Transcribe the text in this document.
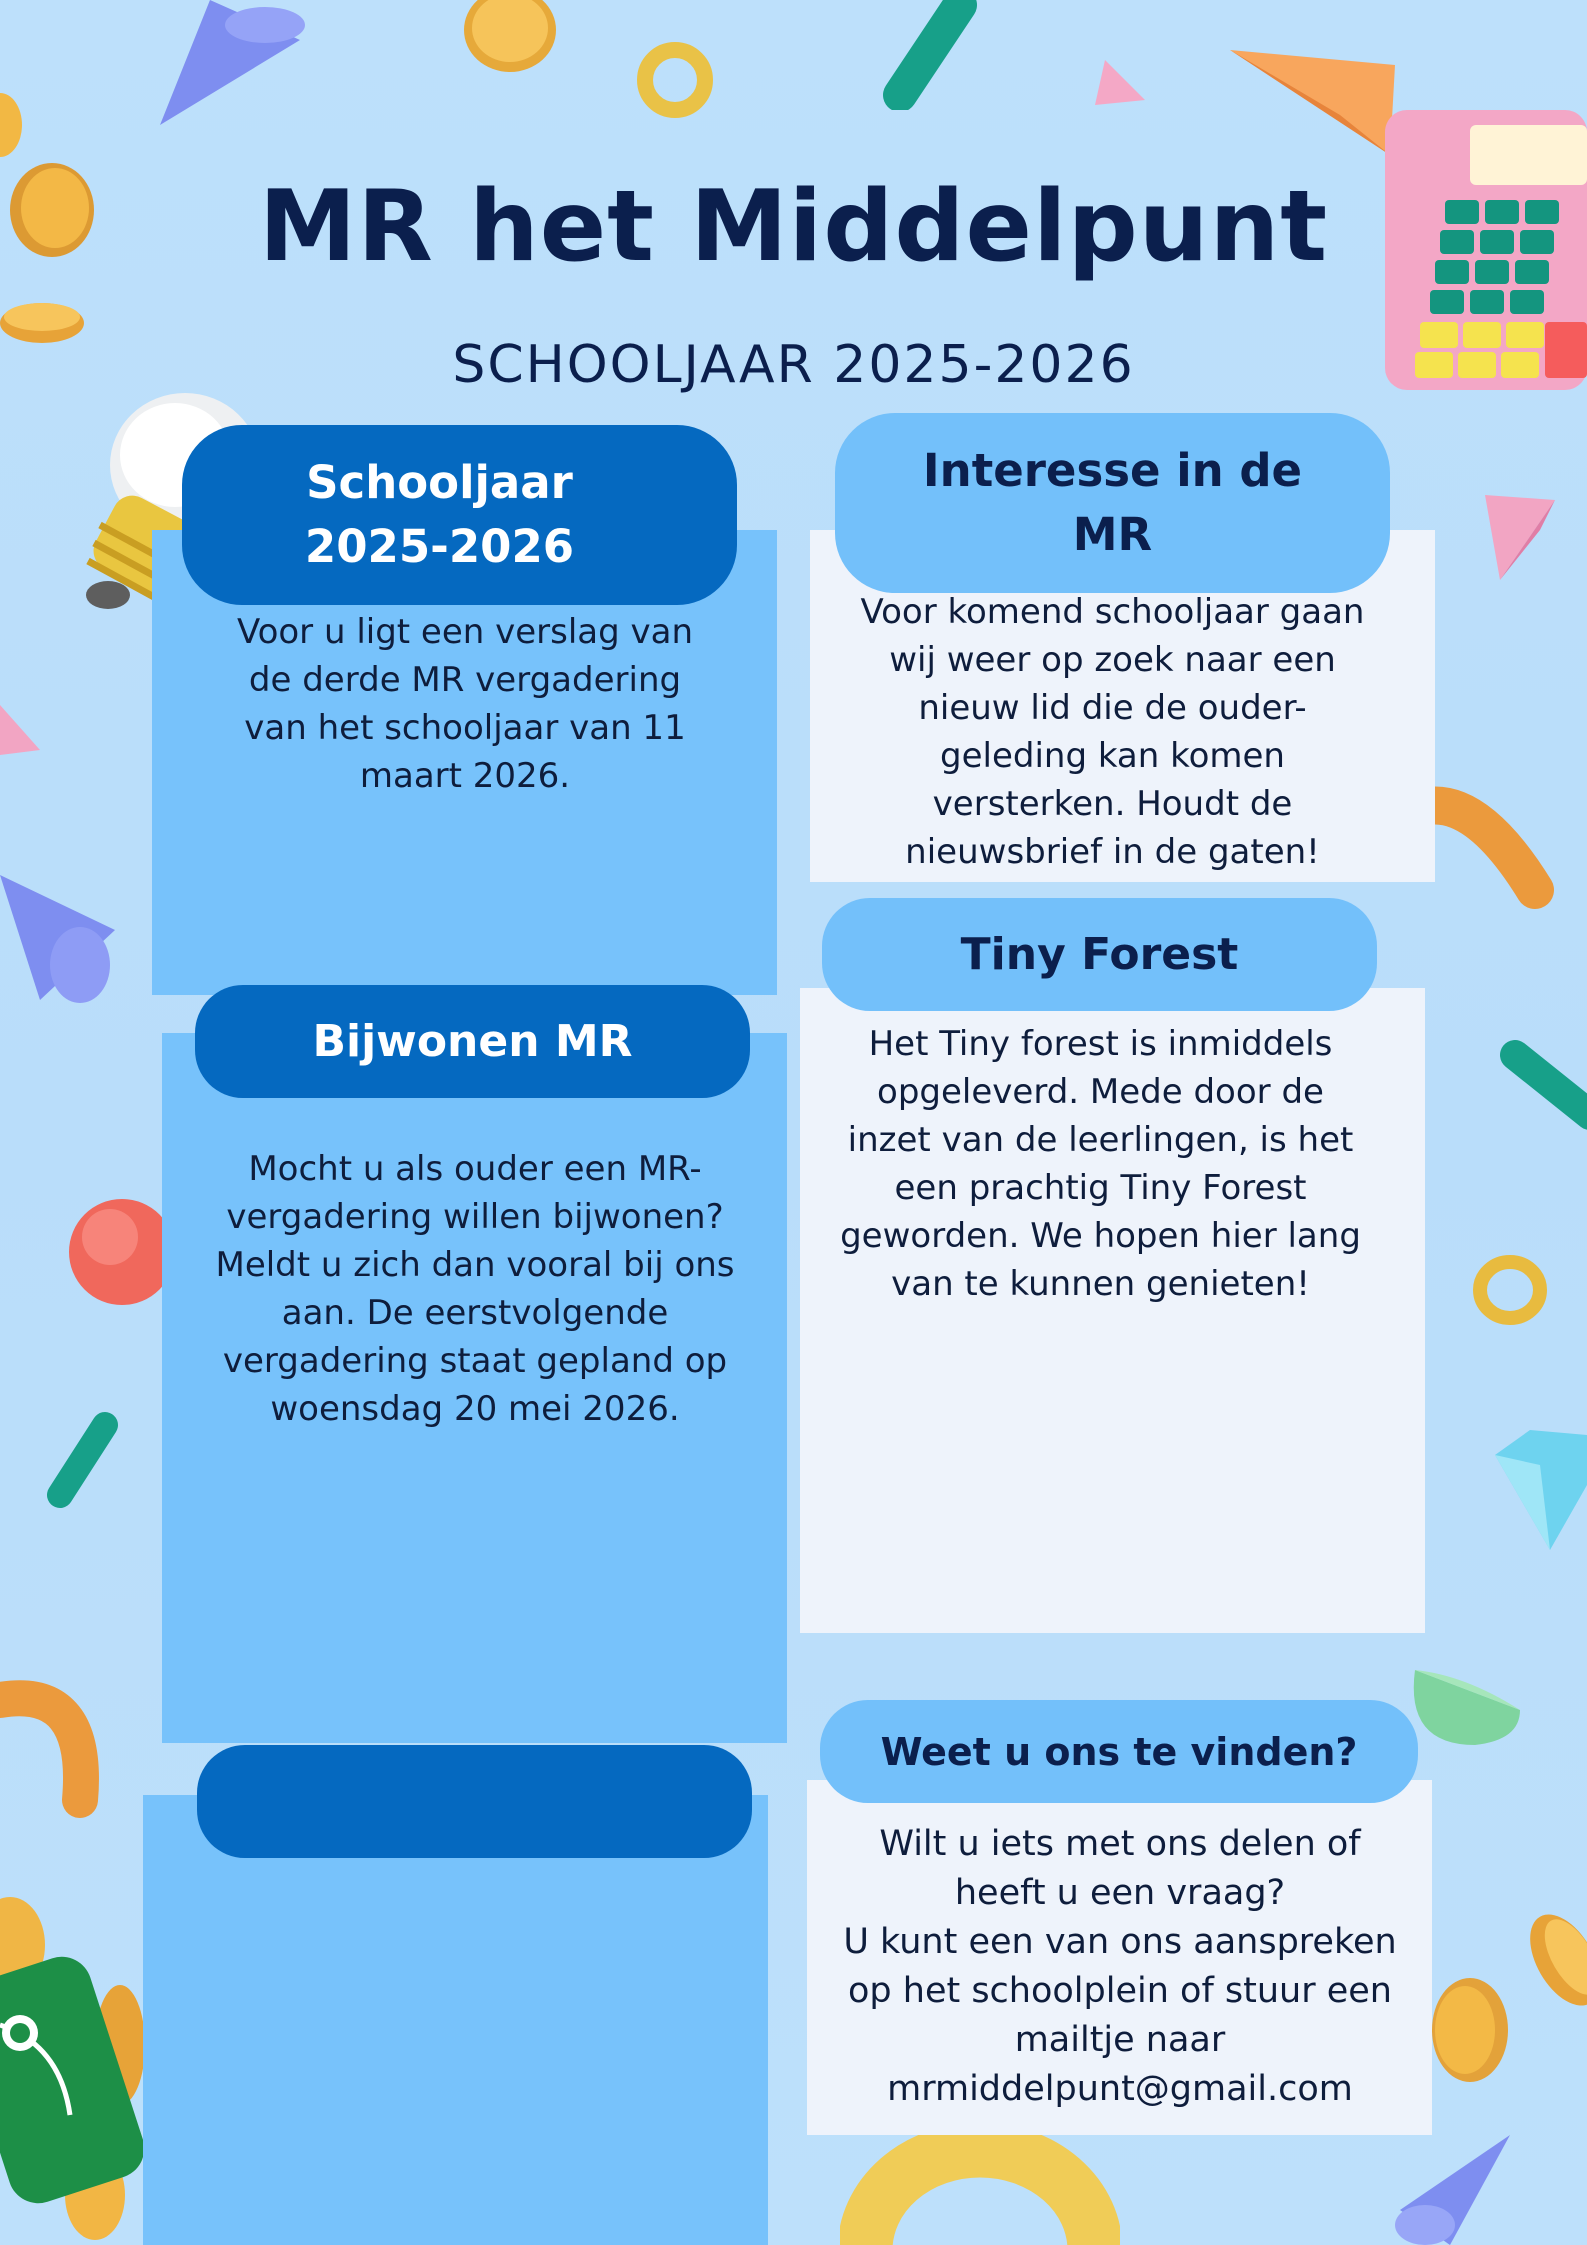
MR het Middelpunt
SCHOOLJAAR 2025-2026
Schooljaar 2025-2026
Voor u ligt een verslag van de derde MR vergadering van het schooljaar van 11 maart 2026.
Interesse in de MR
Voor komend schooljaar gaan wij weer op zoek naar een nieuw lid die de ouder-geleding kan komen versterken. Houdt de nieuwsbrief in de gaten!
Tiny Forest
Het Tiny forest is inmiddels opgeleverd. Mede door de inzet van de leerlingen, is het een prachtig Tiny Forest geworden. We hopen hier lang van te kunnen genieten!
Bijwonen MR
Mocht u als ouder een MR-vergadering willen bijwonen? Meldt u zich dan vooral bij ons aan. De eerstvolgende vergadering staat gepland op woensdag 20 mei 2026.
Weet u ons te vinden?
Wilt u iets met ons delen of heeft u een vraag?
U kunt een van ons aanspreken op het schoolplein of stuur een mailtje naar
mrmiddelpunt@gmail.com
